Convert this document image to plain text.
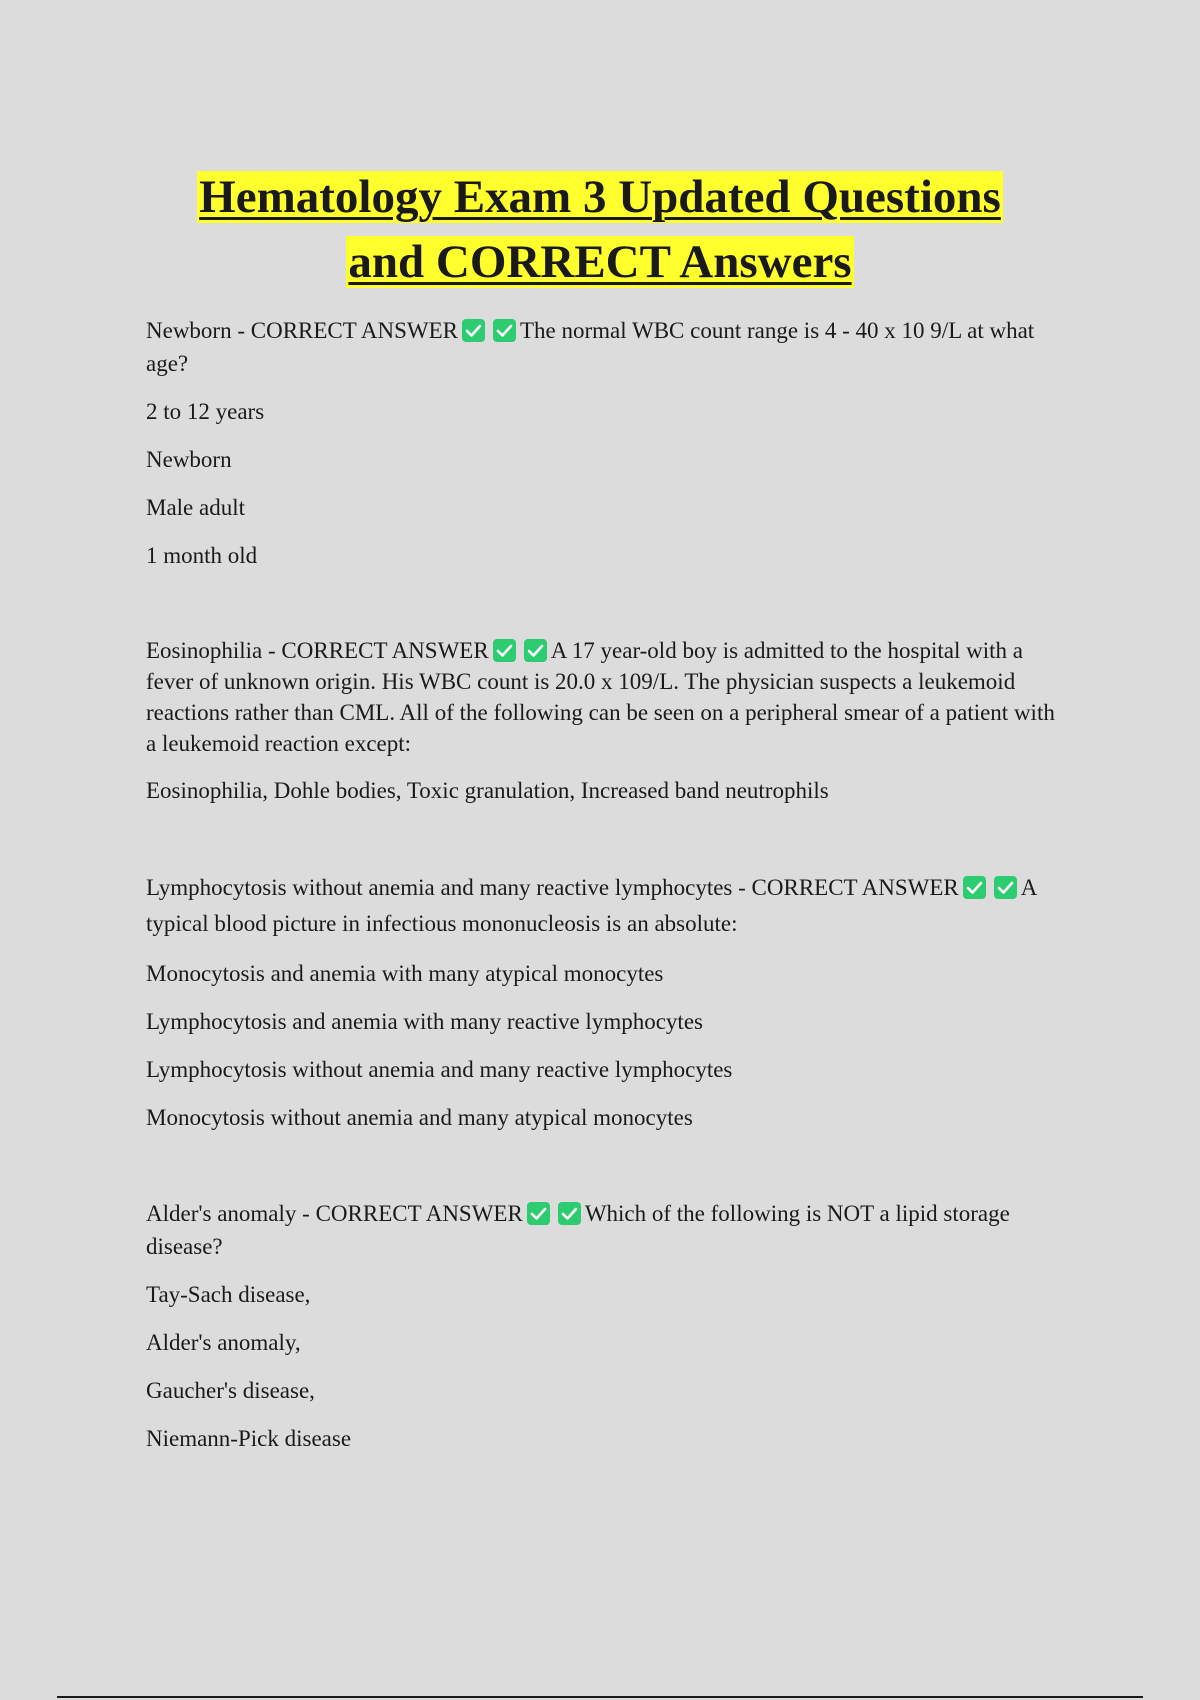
Hematology Exam 3 Updated Questions
and CORRECT Answers

Newborn - CORRECT ANSWER	The normal WBC count range is 4 - 40 x 10 9/L at what age?

2 to 12 years

Newborn

Male adult

1 month old

Eosinophilia - CORRECT ANSWER	A 17 year-old boy is admitted to the hospital with a fever of unknown origin. His WBC count is 20.0 x 109/L. The physician suspects a leukemoid reactions rather than CML. All of the following can be seen on a peripheral smear of a patient with a leukemoid reaction except:

Eosinophilia, Dohle bodies, Toxic granulation, Increased band neutrophils

Lymphocytosis without anemia and many reactive lymphocytes - CORRECT ANSWER	A typical blood picture in infectious mononucleosis is an absolute:

Monocytosis and anemia with many atypical monocytes

Lymphocytosis and anemia with many reactive lymphocytes

Lymphocytosis without anemia and many reactive lymphocytes

Monocytosis without anemia and many atypical monocytes

Alder's anomaly - CORRECT ANSWER	Which of the following is NOT a lipid storage disease?

Tay-Sach disease,

Alder's anomaly,

Gaucher's disease,

Niemann-Pick disease
